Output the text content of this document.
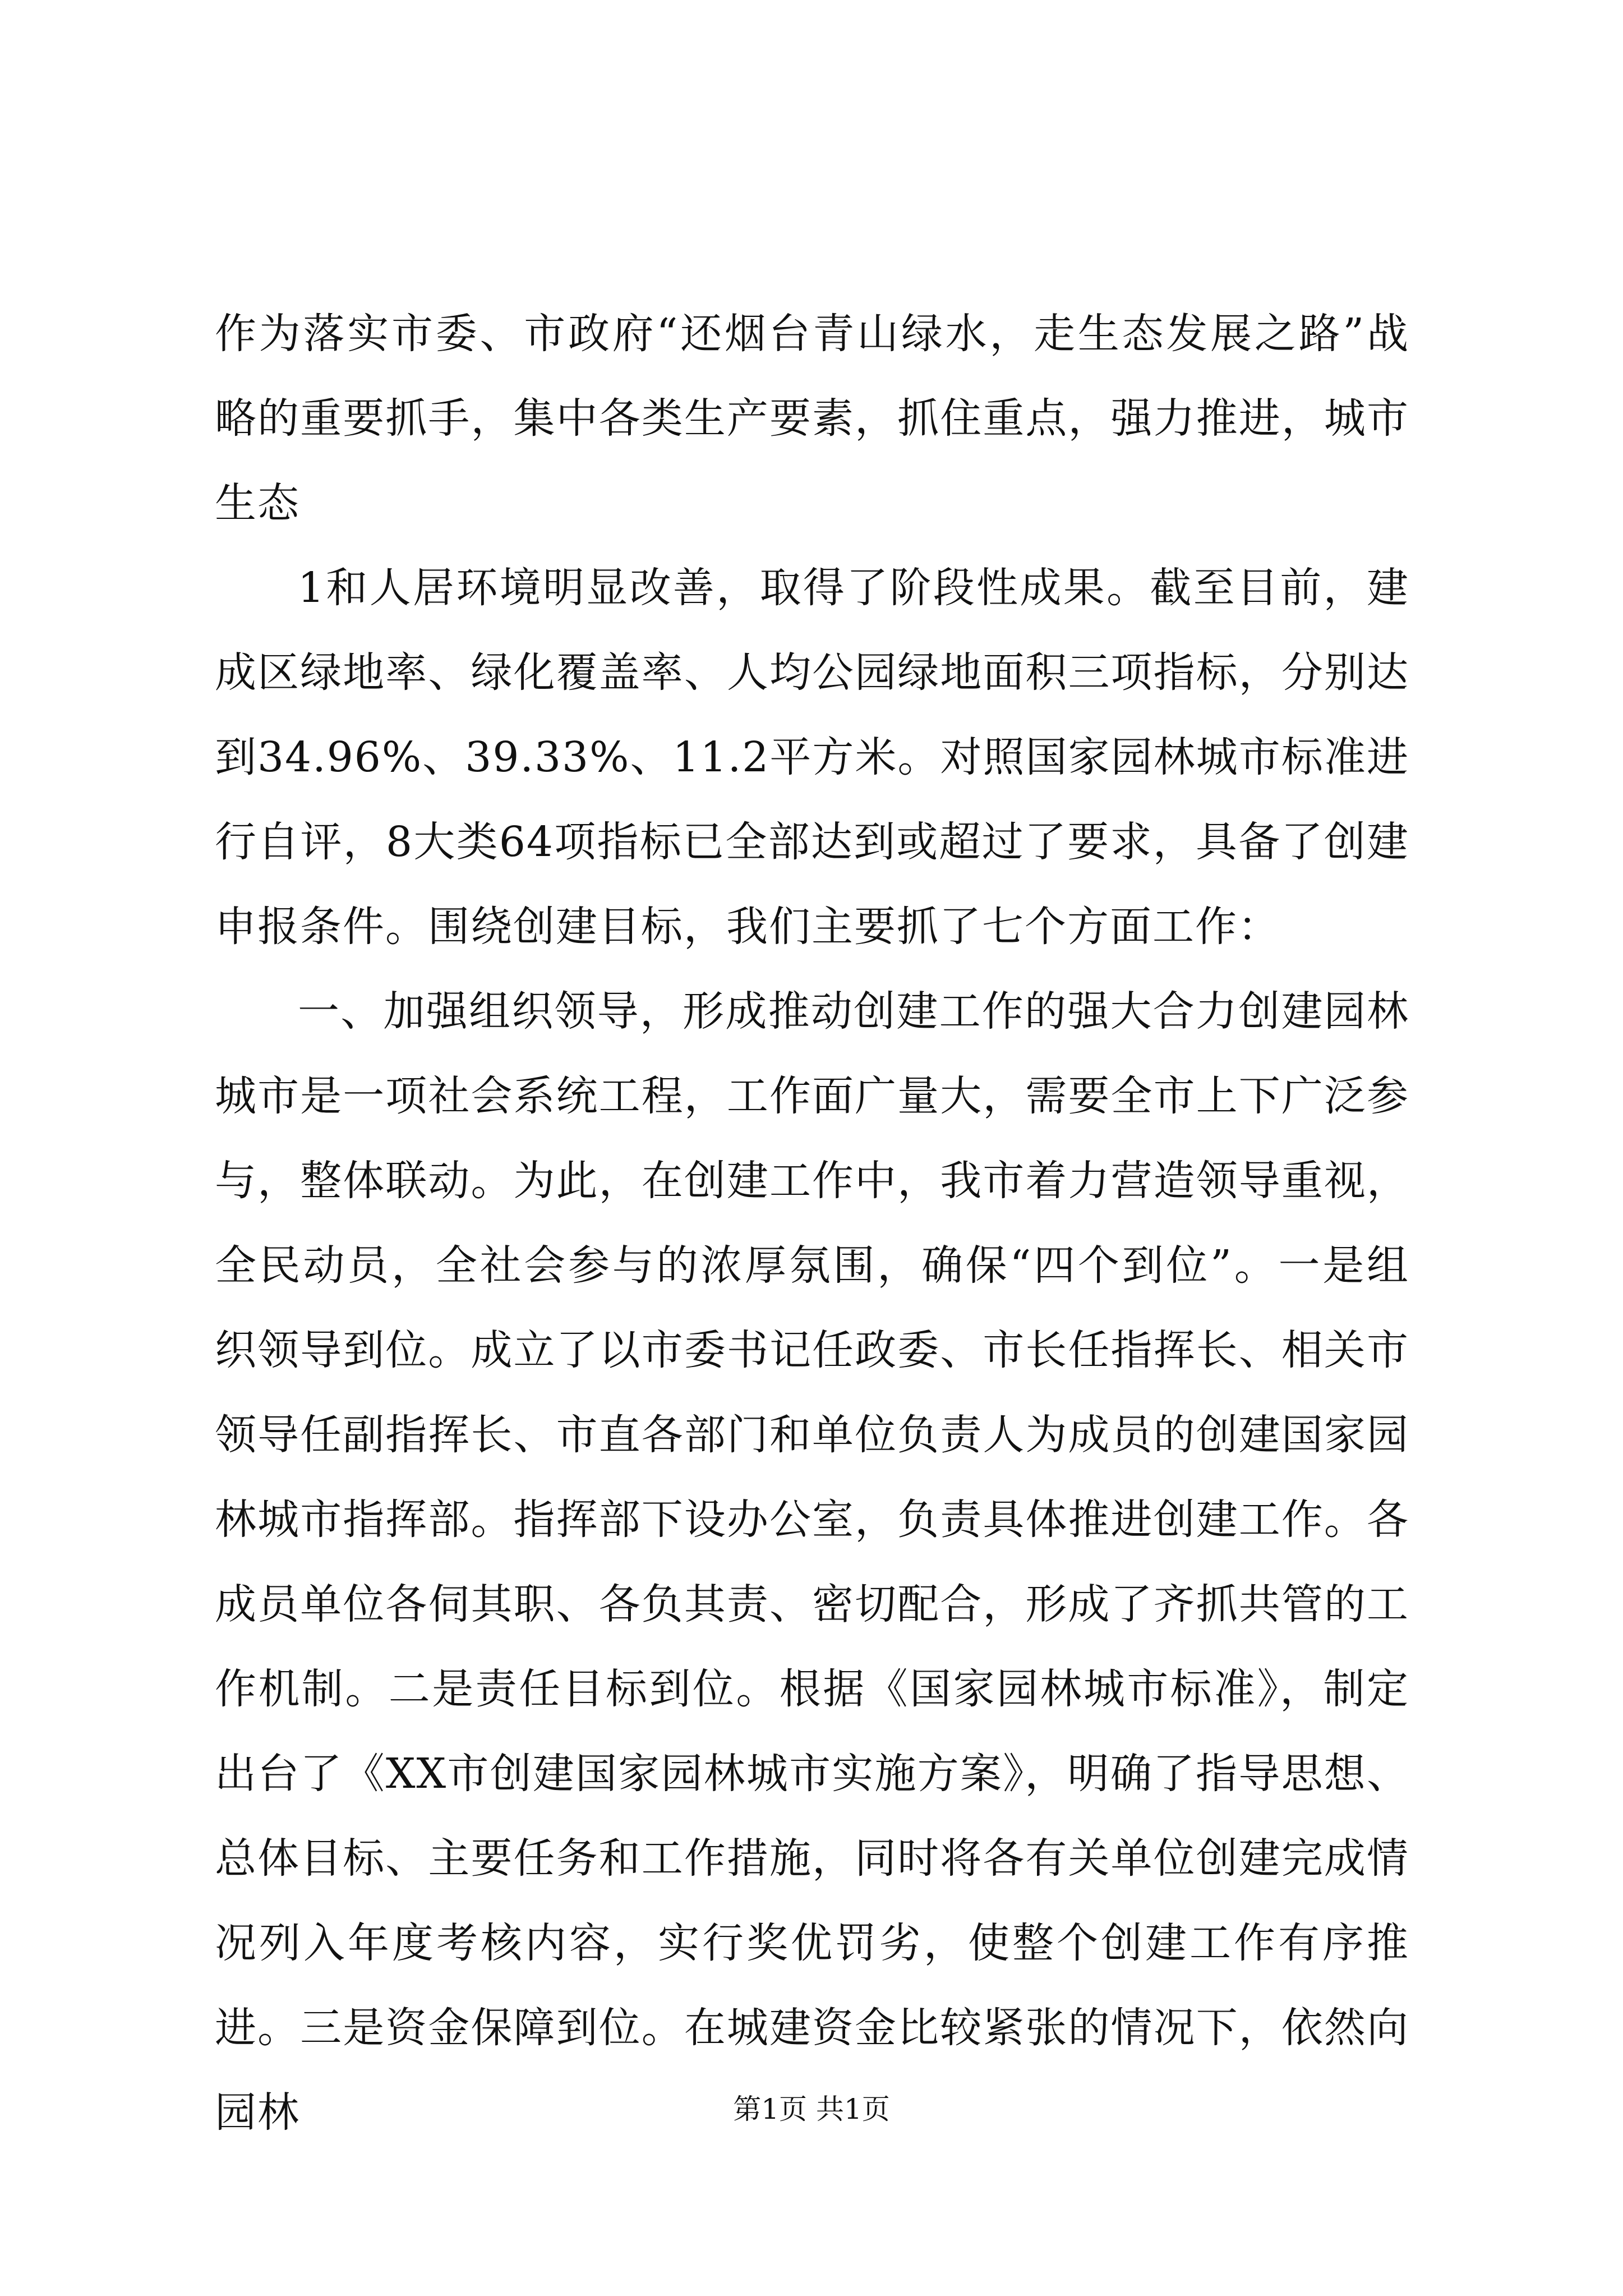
作为落实市委、市政府“还烟台青山绿水，走生态发展之路”战略的重要抓手，集中各类生产要素，抓住重点，强力推进，城市生态

1和人居环境明显改善，取得了阶段性成果。截至目前，建成区绿地率、绿化覆盖率、人均公园绿地面积三项指标，分别达到34.96%、39.33%、11.2平方米。对照国家园林城市标准进行自评，8大类64项指标已全部达到或超过了要求，具备了创建申报条件。围绕创建目标，我们主要抓了七个方面工作：

一、加强组织领导，形成推动创建工作的强大合力创建园林城市是一项社会系统工程，工作面广量大，需要全市上下广泛参与，整体联动。为此，在创建工作中，我市着力营造领导重视，全民动员，全社会参与的浓厚氛围，确保“四个到位”。一是组织领导到位。成立了以市委书记任政委、市长任指挥长、相关市领导任副指挥长、市直各部门和单位负责人为成员的创建国家园林城市指挥部。指挥部下设办公室，负责具体推进创建工作。各成员单位各伺其职、各负其责、密切配合，形成了齐抓共管的工作机制。二是责任目标到位。根据《国家园林城市标准》，制定出台了《XX市创建国家园林城市实施方案》，明确了指导思想、总体目标、主要任务和工作措施，同时将各有关单位创建完成情况列入年度考核内容，实行奖优罚劣，使整个创建工作有序推进。三是资金保障到位。在城建资金比较紧张的情况下，依然向园林	第1页 共1页
